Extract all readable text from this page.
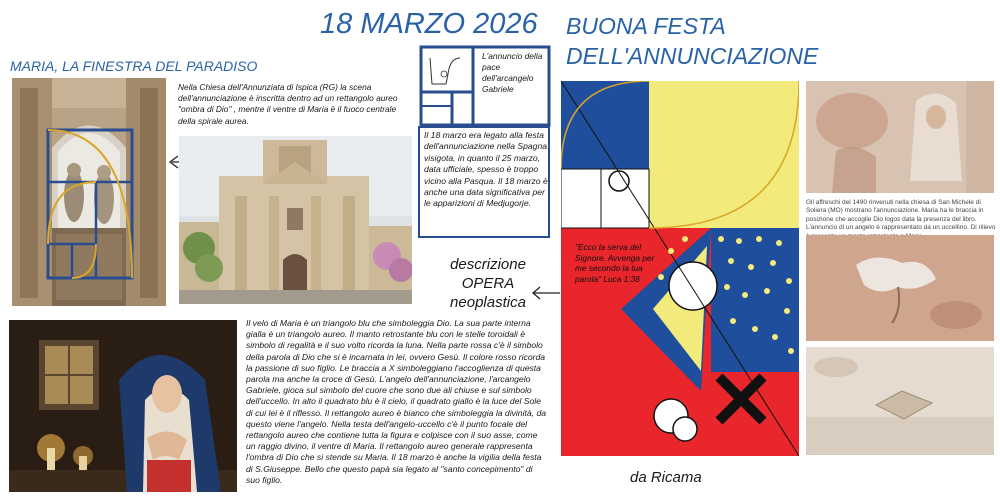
18 MARZO 2026 BUONA FESTA
DELL'ANNUNCIAZIONE
MARIA, LA FINESTRA DEL PARADISO
Nella Chiesa dell'Annunziata di Ispica (RG) la scena dell'annunciazione è inscritta dentro ad un rettangolo aureo "ombra di Dio" , mentre il ventre di Maria è il fuoco centrale della spirale aurea.
L'annuncio della pace dell'arcangelo Gabriele
Il 18 marzo era legato alla festa dell'annunciazione nella Spagna visigota, in quanto il 25 marzo, data ufficiale, spesso è troppo vicino alla Pasqua. Il 18 marzo è anche una data significativa per le apparizioni di Medjugorje.
descrizione
OPERA
neoplastica
Il velo di Maria è un triangolo blu che simboleggia Dio. La sua parte interna gialla è un triangolo aureo. Il manto retrostante blu con le stelle toroidali è simbolo di regalità e il suo volto ricorda la luna. Nella parte rossa c'è il simbolo della parola di Dio che si è incarnata in lei, ovvero Gesù. Il colore rosso ricorda la passione di suo figlio. Le braccia a X simboleggiano l'accoglienza di questa parola ma anche la croce di Gesù. L'angelo dell'annunciazione, l'arcangelo Gabriele, gioca sul simbolo del cuore che sono due ali chiuse e sul simbolo dell'uccello. In alto il quadrato blu è il cielo, il quadrato giallo è la luce del Sole di cui lei è il riflesso. Il rettangolo aureo è bianco che simboleggia la divinità, da questo viene l'angelo. Nella testa dell'angelo-uccello c'è il punto focale del rettangolo aureo che contiene tutta la figura e colpisce con il suo asse, come un raggio divino, il ventre di Maria. Il rettangolo aureo generale rappresenta l'ombra di Dio che si stende su Maria. Il 18 marzo è anche la vigilia della festa di S.Giuseppe. Bello che questo papà sia legato al "santo concepimento" di suo figlio.
"Ecco la serva del Signore. Avvenga per me secondo la tua parola" Luca 1:38
da Ricama
Gli affreschi del 1490 rinvenuti nella chiesa di San Michele di Soliera (MO) mostrano l'annunciazione. Maria ha le braccia in posizione che accoglie Dio logos data la presenza del libro. L'annuncio di un angelo è rappresentato da un uccellino. Di rilievo
